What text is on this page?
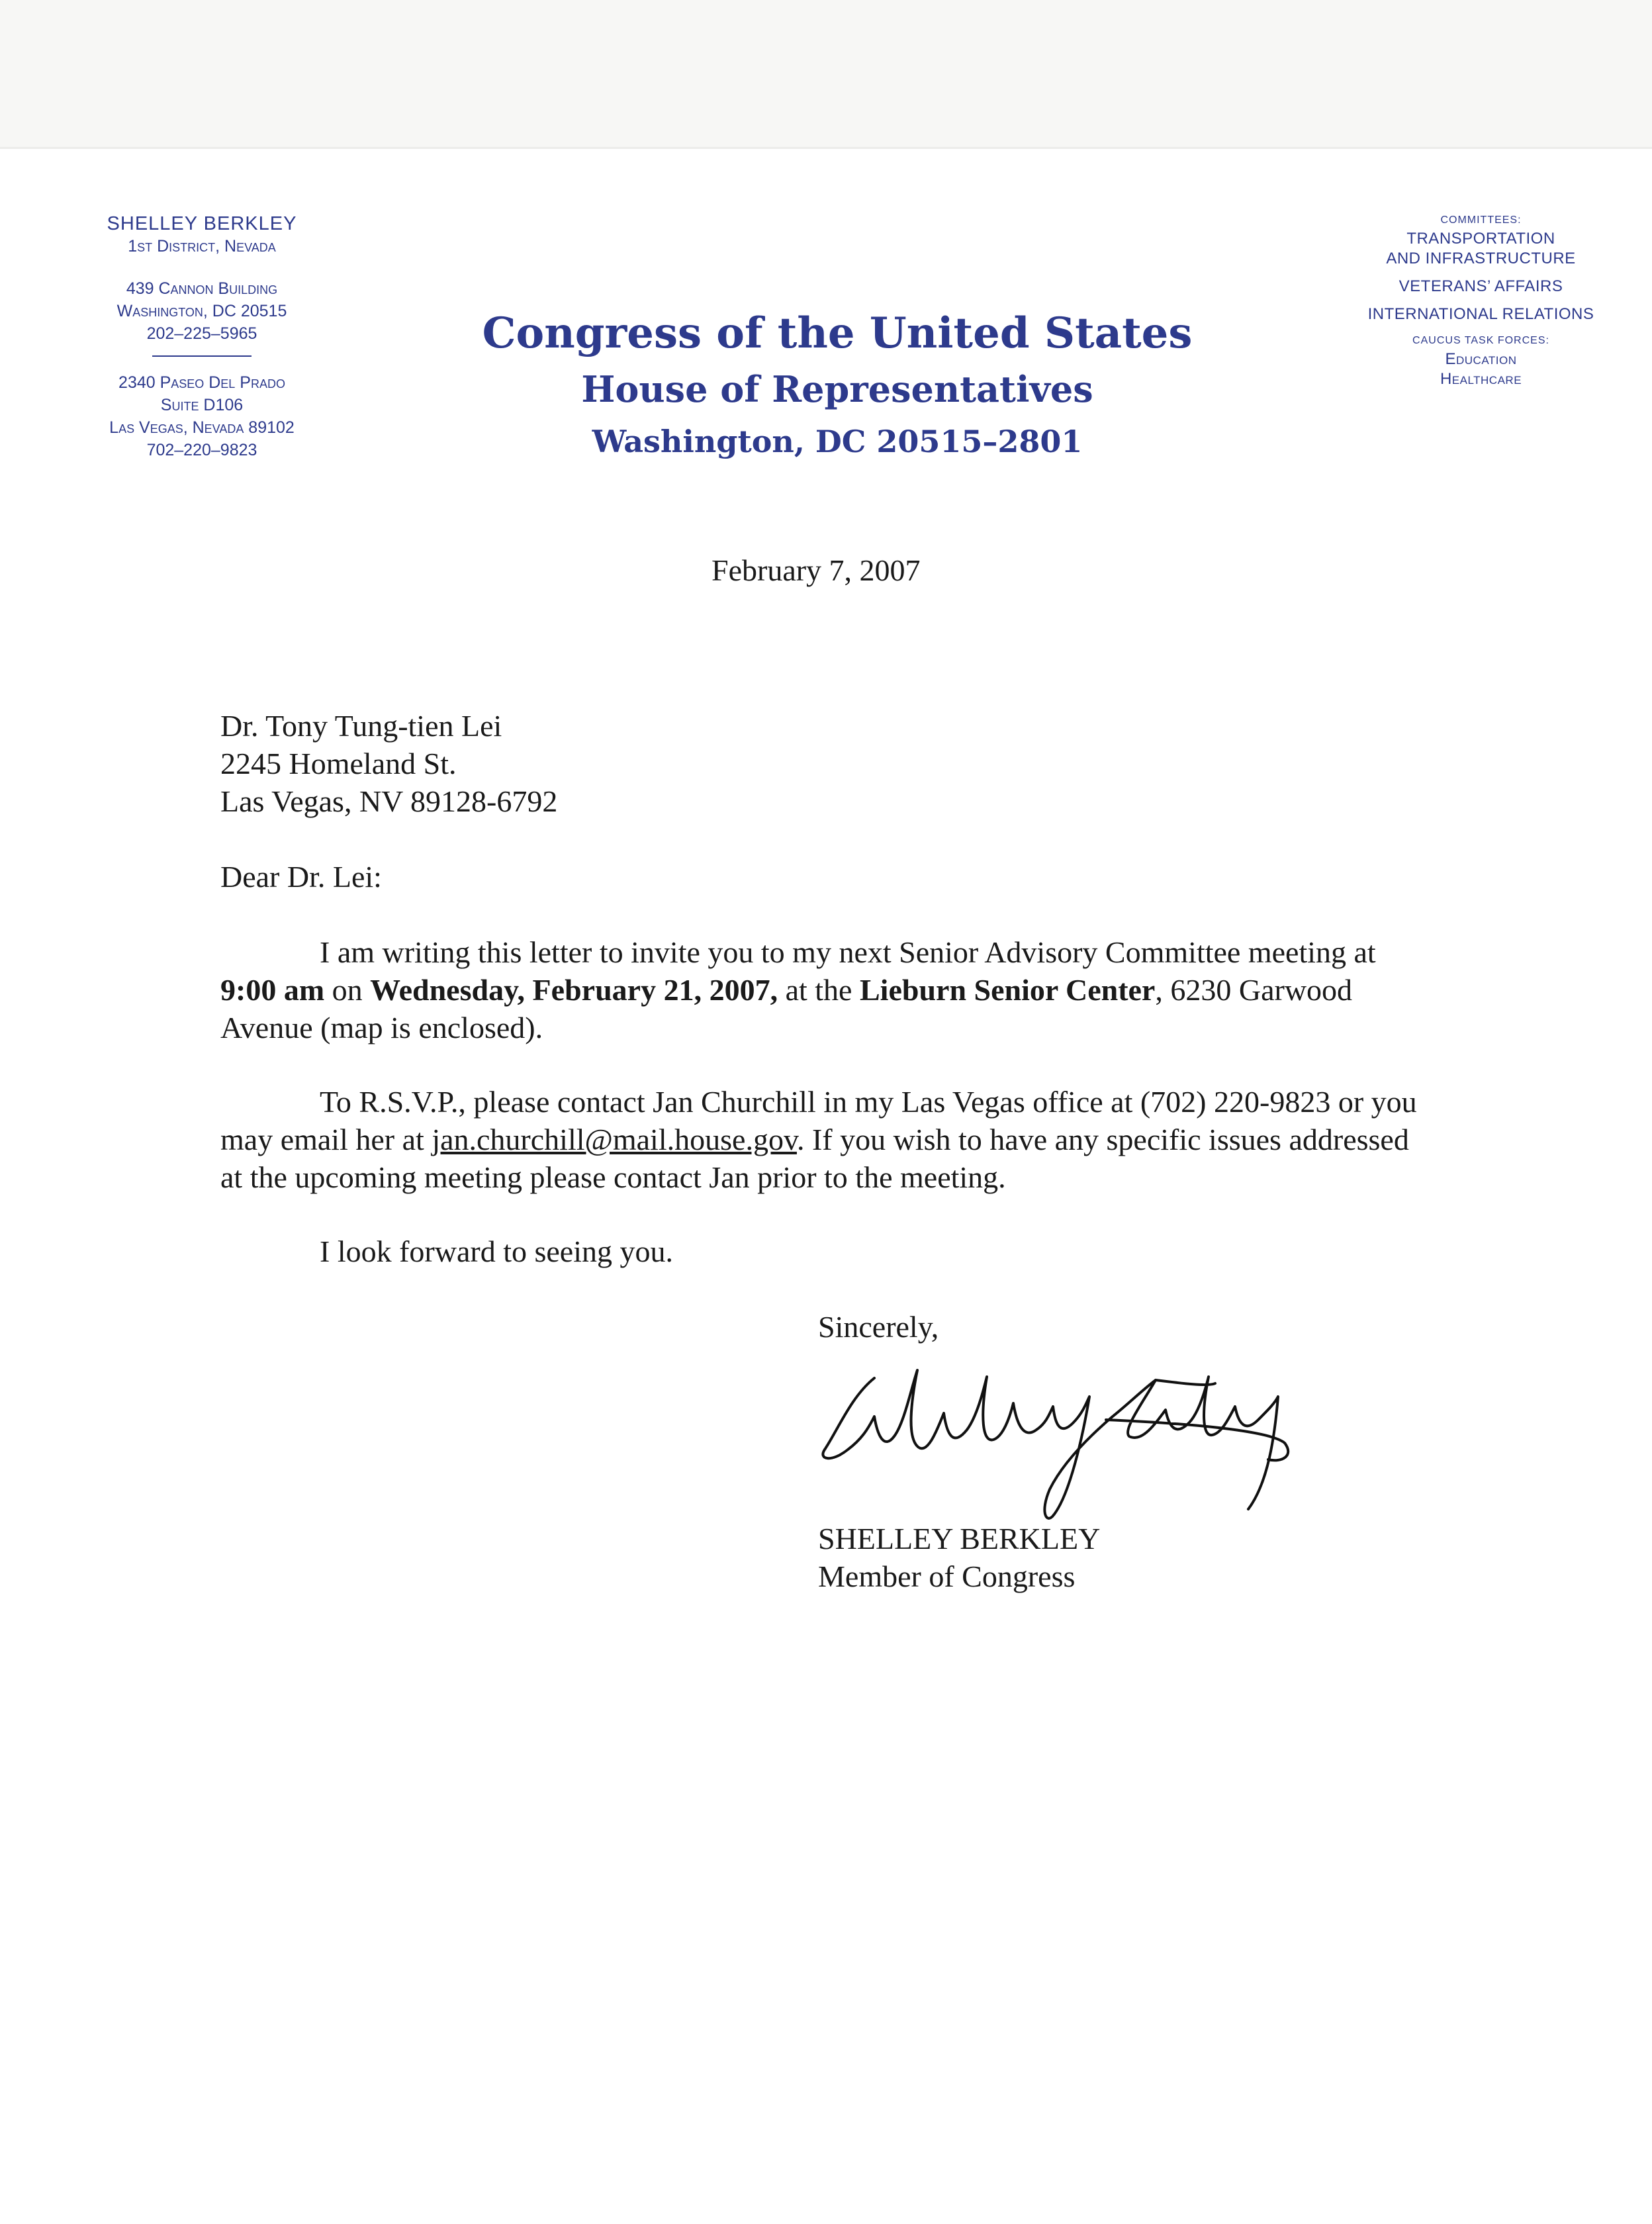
SHELLEY BERKLEY
1st District, Nevada
439 Cannon Building
Washington, DC 20515
202–225–5965
2340 Paseo Del Prado
Suite D106
Las Vegas, Nevada 89102
702–220–9823
Congress of the United States
House of Representatives
Washington, DC 20515–2801
COMMITTEES:
TRANSPORTATION
AND INFRASTRUCTURE
VETERANS’ AFFAIRS
INTERNATIONAL RELATIONS
CAUCUS TASK FORCES:
Education
Healthcare
February 7, 2007
Dr. Tony Tung-tien Lei
2245 Homeland St.
Las Vegas, NV 89128-6792
Dear Dr. Lei:
I am writing this letter to invite you to my next Senior Advisory Committee meeting at 9:00 am on Wednesday, February 21, 2007, at the Lieburn Senior Center, 6230 Garwood Avenue (map is enclosed).
To R.S.V.P., please contact Jan Churchill in my Las Vegas office at (702) 220-9823 or you may email her at jan.churchill@mail.house.gov. If you wish to have any specific issues addressed at the upcoming meeting please contact Jan prior to the meeting.
I look forward to seeing you.
Sincerely,
SHELLEY BERKLEY
Member of Congress
